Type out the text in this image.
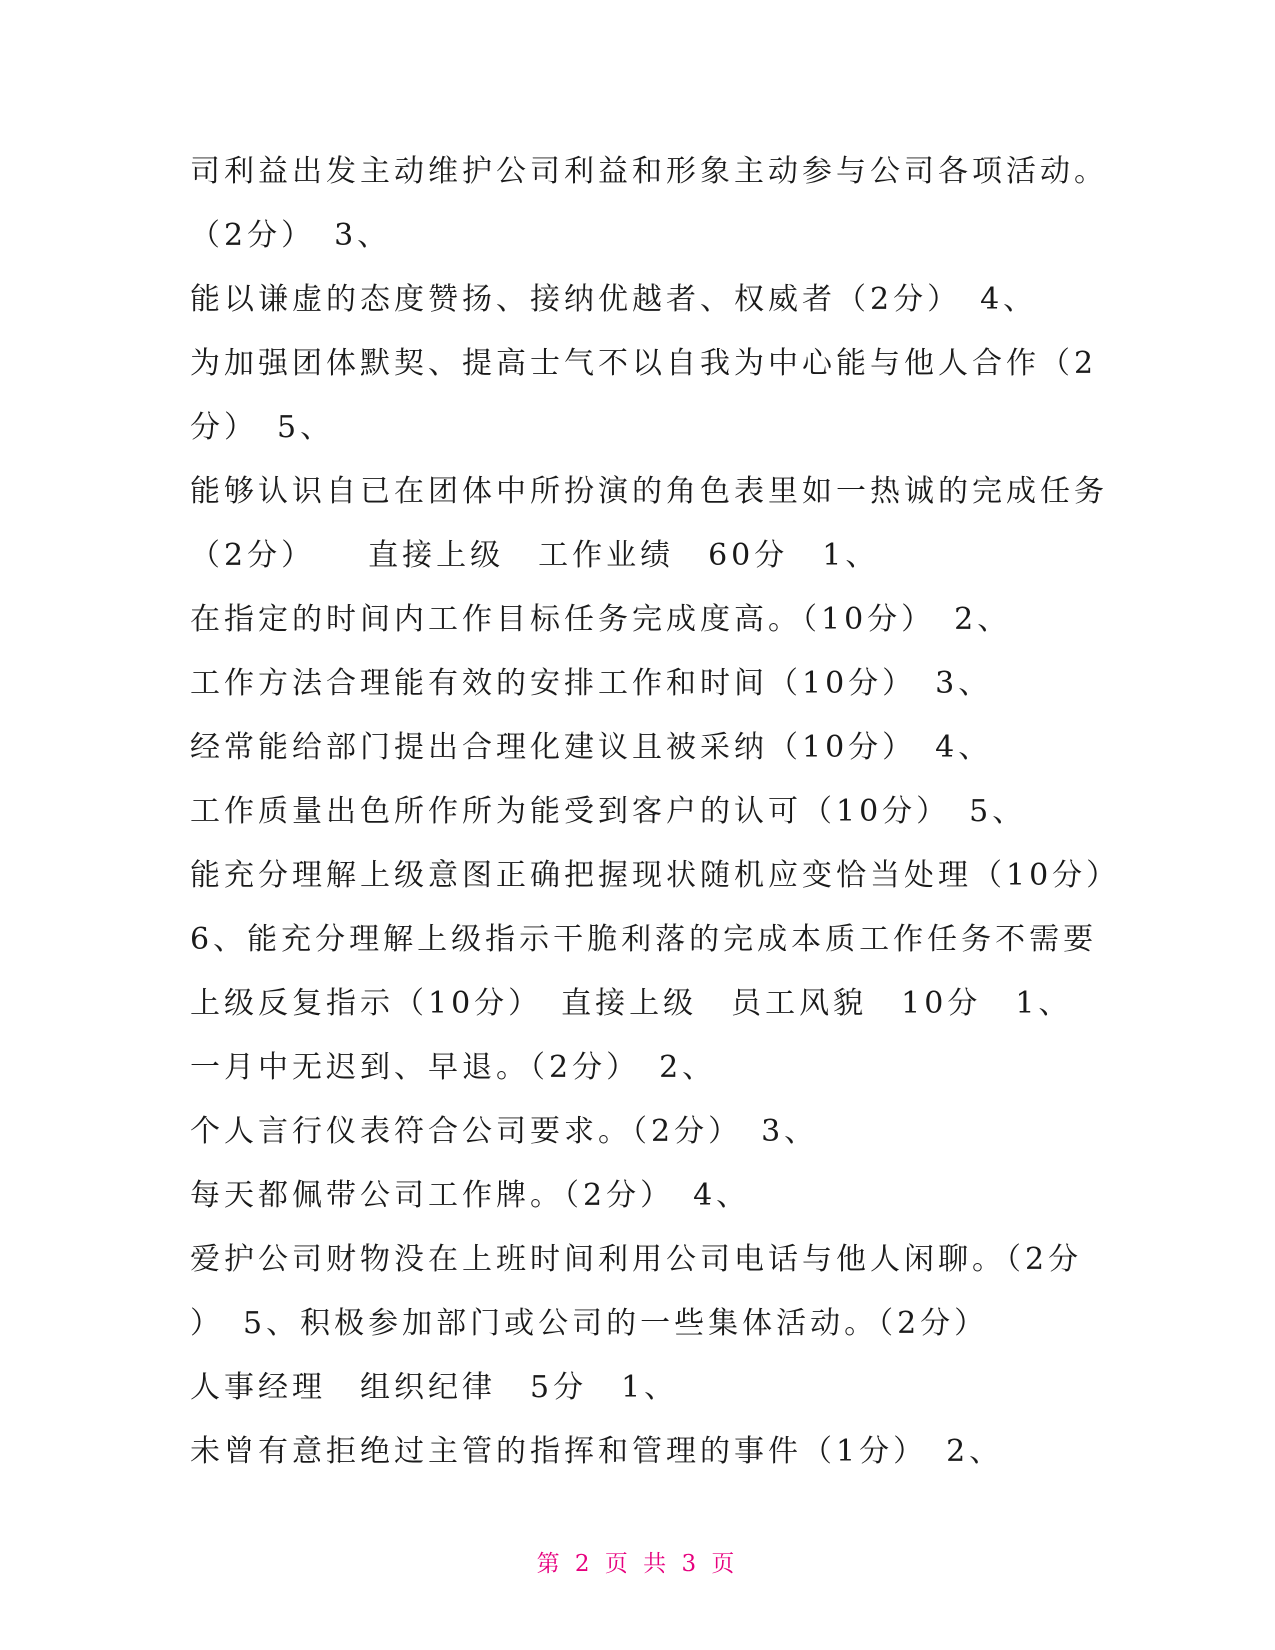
司利益出发主动维护公司利益和形象主动参与公司各项活动。
（2分）　3、
能以谦虚的态度赞扬、接纳优越者、权威者（2分）　4、
为加强团体默契、提高士气不以自我为中心能与他人合作（2
分）　5、
能够认识自已在团体中所扮演的角色表里如一热诚的完成任务
（2分）　　直接上级　工作业绩　60分　1、
在指定的时间内工作目标任务完成度高。（10分）　2、
工作方法合理能有效的安排工作和时间（10分）　3、
经常能给部门提出合理化建议且被采纳（10分）　4、
工作质量出色所作所为能受到客户的认可（10分）　5、
能充分理解上级意图正确把握现状随机应变恰当处理（10分）
6、能充分理解上级指示干脆利落的完成本质工作任务不需要
上级反复指示（10分）　直接上级　员工风貌　10分　1、
一月中无迟到、早退。（2分）　2、
个人言行仪表符合公司要求。（2分）　3、
每天都佩带公司工作牌。（2分）　4、
爱护公司财物没在上班时间利用公司电话与他人闲聊。（2分
）　5、积极参加部门或公司的一些集体活动。（2分）
人事经理　组织纪律　5分　1、
未曾有意拒绝过主管的指挥和管理的事件（1分）　2、
第 2 页 共 3 页
